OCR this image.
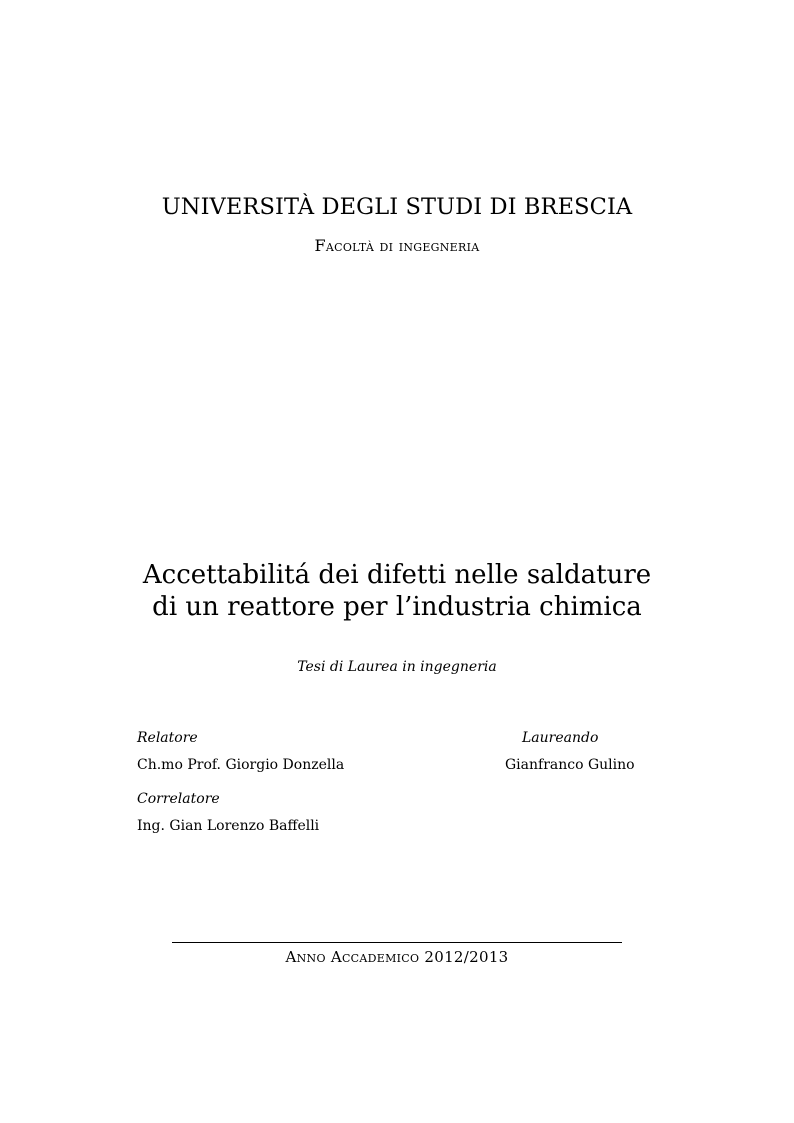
UNIVERSITÀ DEGLI STUDI DI BRESCIA
Facoltà di ingegneria
Accettabilitá dei difetti nelle saldature
di un reattore per l’industria chimica
Tesi di Laurea in ingegneria
Relatore
Ch.mo Prof. Giorgio Donzella
Correlatore
Ing. Gian Lorenzo Baffelli
Laureando
Gianfranco Gulino
Anno Accademico 2012/2013
